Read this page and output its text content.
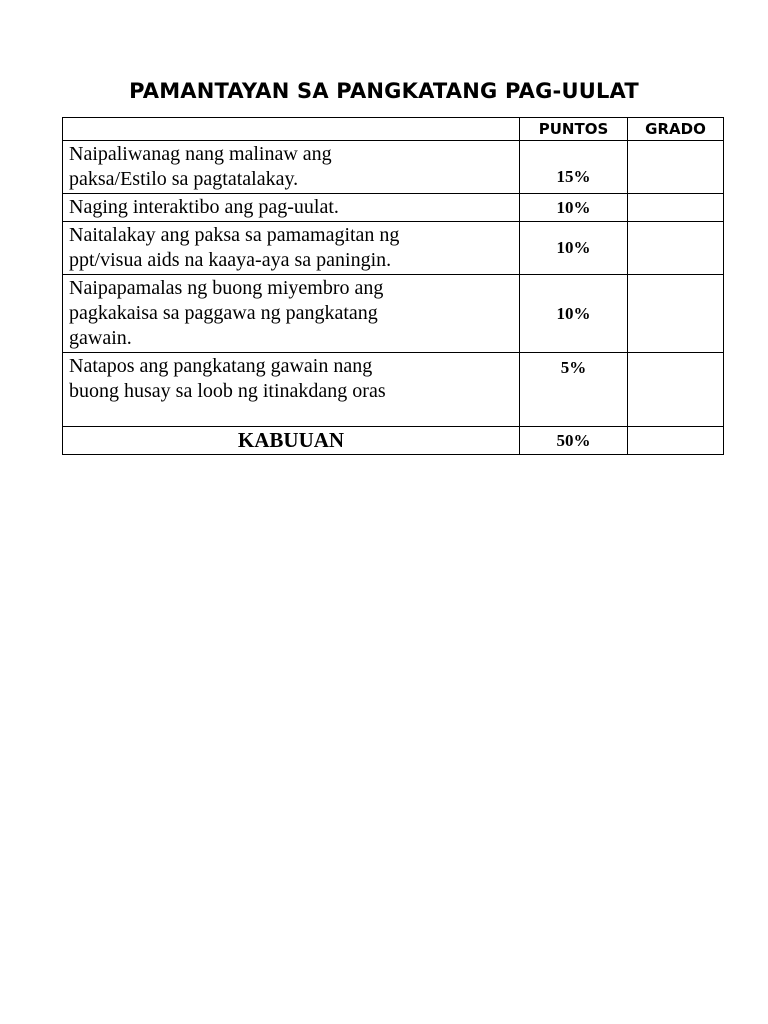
PAMANTAYAN SA PANGKATANG PAG-UULAT
	PUNTOS	GRADO

Naipaliwanag nang malinaw ang
paksa/Estilo sa pagtatalakay.	15%	

Naging interaktibo ang pag-uulat.	10%	

Naitalakay ang paksa sa pamamagitan ng
ppt/visua aids na kaaya-aya sa paningin.	10%	

Naipapamalas ng buong miyembro ang
pagkakaisa sa paggawa ng pangkatang
gawain.	10%	

Natapos ang pangkatang gawain nang
buong husay sa loob ng itinakdang oras	5%	
KABUUAN	50%	
